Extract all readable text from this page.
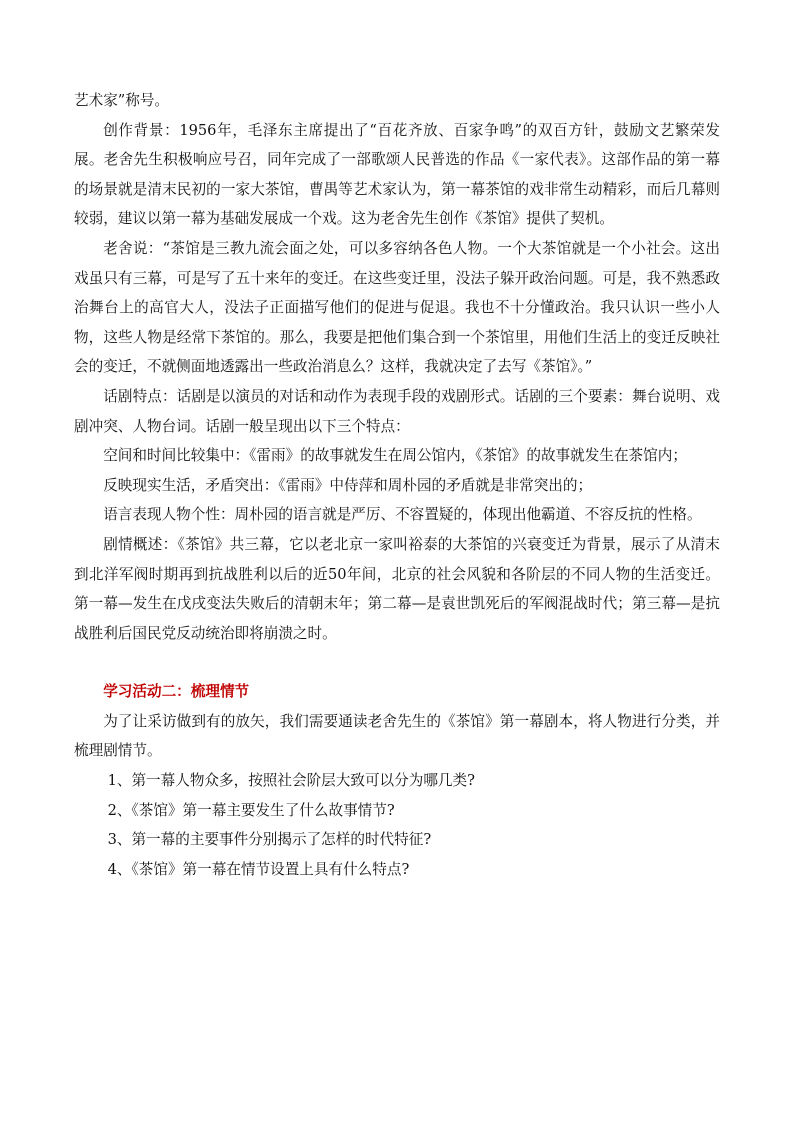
艺术家”称号。

创作背景：1956年，毛泽东主席提出了“百花齐放、百家争鸣”的双百方针，鼓励文艺繁荣发展。老舍先生积极响应号召，同年完成了一部歌颂人民普选的作品《一家代表》。这部作品的第一幕的场景就是清末民初的一家大茶馆，曹禺等艺术家认为，第一幕茶馆的戏非常生动精彩，而后几幕则较弱，建议以第一幕为基础发展成一个戏。这为老舍先生创作《茶馆》提供了契机。

老舍说：“茶馆是三教九流会面之处，可以多容纳各色人物。一个大茶馆就是一个小社会。这出戏虽只有三幕，可是写了五十来年的变迁。在这些变迁里，没法子躲开政治问题。可是，我不熟悉政治舞台上的高官大人，没法子正面描写他们的促进与促退。我也不十分懂政治。我只认识一些小人物，这些人物是经常下茶馆的。那么，我要是把他们集合到一个茶馆里，用他们生活上的变迁反映社会的变迁，不就侧面地透露出一些政治消息么？这样，我就决定了去写《茶馆》。”

话剧特点：话剧是以演员的对话和动作为表现手段的戏剧形式。话剧的三个要素：舞台说明、戏剧冲突、人物台词。话剧一般呈现出以下三个特点：

空间和时间比较集中：《雷雨》的故事就发生在周公馆内，《茶馆》的故事就发生在茶馆内；

反映现实生活，矛盾突出：《雷雨》中侍萍和周朴园的矛盾就是非常突出的；

语言表现人物个性：周朴园的语言就是严厉、不容置疑的，体现出他霸道、不容反抗的性格。

剧情概述：《茶馆》共三幕，它以老北京一家叫裕泰的大茶馆的兴衰变迁为背景，展示了从清末到北洋军阀时期再到抗战胜利以后的近50年间，北京的社会风貌和各阶层的不同人物的生活变迁。第一幕—发生在戊戌变法失败后的清朝末年；第二幕—是袁世凯死后的军阀混战时代；第三幕—是抗战胜利后国民党反动统治即将崩溃之时。

学习活动二：梳理情节

为了让采访做到有的放矢，我们需要通读老舍先生的《茶馆》第一幕剧本，将人物进行分类，并梳理剧情节。

1、第一幕人物众多，按照社会阶层大致可以分为哪几类?

2、《茶馆》第一幕主要发生了什么故事情节?

3、第一幕的主要事件分别揭示了怎样的时代特征?

4、《茶馆》第一幕在情节设置上具有什么特点?
